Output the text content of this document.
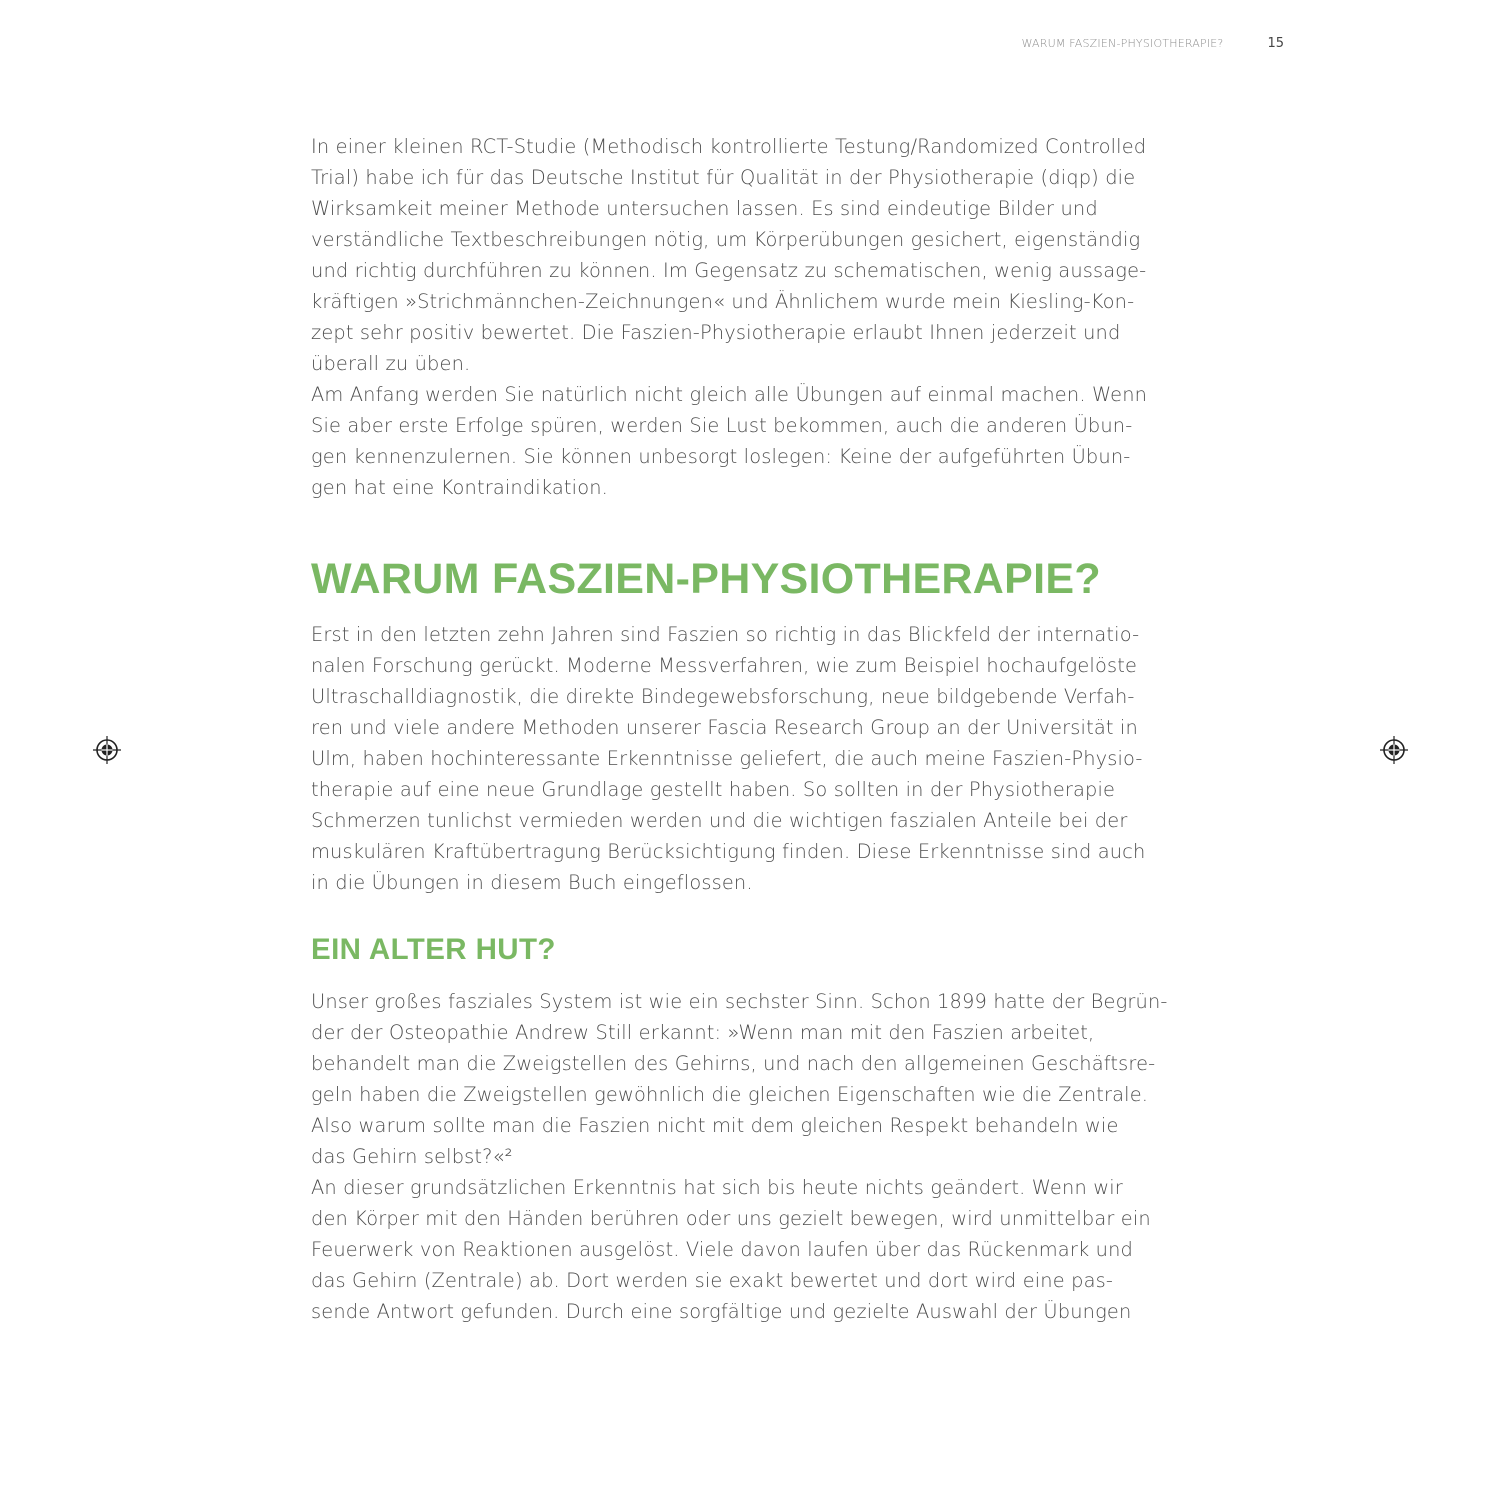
WARUM FASZIEN-PHYSIOTHERAPIE?	15

In einer kleinen RCT-Studie (Methodisch kontrollierte Testung/Randomized Controlled
Trial) habe ich für das Deutsche Institut für Qualität in der Physiotherapie (diqp) die
Wirksamkeit meiner Methode untersuchen lassen. Es sind eindeutige Bilder und
verständliche Textbeschreibungen nötig, um Körperübungen gesichert, eigenständig
und richtig durchführen zu können. Im Gegensatz zu schematischen, wenig aussage-
kräftigen »Strichmännchen-Zeichnungen« und Ähnlichem wurde mein Kiesling-Kon-
zept sehr positiv bewertet. Die Faszien-Physiotherapie erlaubt Ihnen jederzeit und
überall zu üben.

Am Anfang werden Sie natürlich nicht gleich alle Übungen auf einmal machen. Wenn
Sie aber erste Erfolge spüren, werden Sie Lust bekommen, auch die anderen Übun-
gen kennenzulernen. Sie können unbesorgt loslegen: Keine der aufgeführten Übun-
gen hat eine Kontraindikation.

WARUM FASZIEN-PHYSIOTHERAPIE?

Erst in den letzten zehn Jahren sind Faszien so richtig in das Blickfeld der internatio-
nalen Forschung gerückt. Moderne Messverfahren, wie zum Beispiel hochaufgelöste
Ultraschalldiagnostik, die direkte Bindegewebsforschung, neue bildgebende Verfah-
ren und viele andere Methoden unserer Fascia Research Group an der Universität in
Ulm, haben hochinteressante Erkenntnisse geliefert, die auch meine Faszien-Physio-
therapie auf eine neue Grundlage gestellt haben. So sollten in der Physiotherapie
Schmerzen tunlichst vermieden werden und die wichtigen faszialen Anteile bei der
muskulären Kraftübertragung Berücksichtigung finden. Diese Erkenntnisse sind auch
in die Übungen in diesem Buch eingeflossen.

EIN ALTER HUT?

Unser großes fasziales System ist wie ein sechster Sinn. Schon 1899 hatte der Begrün-
der der Osteopathie Andrew Still erkannt: »Wenn man mit den Faszien arbeitet,
behandelt man die Zweigstellen des Gehirns, und nach den allgemeinen Geschäftsre-
geln haben die Zweigstellen gewöhnlich die gleichen Eigenschaften wie die Zentrale.
Also warum sollte man die Faszien nicht mit dem gleichen Respekt behandeln wie
das Gehirn selbst?«²

An dieser grundsätzlichen Erkenntnis hat sich bis heute nichts geändert. Wenn wir
den Körper mit den Händen berühren oder uns gezielt bewegen, wird unmittelbar ein
Feuerwerk von Reaktionen ausgelöst. Viele davon laufen über das Rückenmark und
das Gehirn (Zentrale) ab. Dort werden sie exakt bewertet und dort wird eine pas-
sende Antwort gefunden. Durch eine sorgfältige und gezielte Auswahl der Übungen
